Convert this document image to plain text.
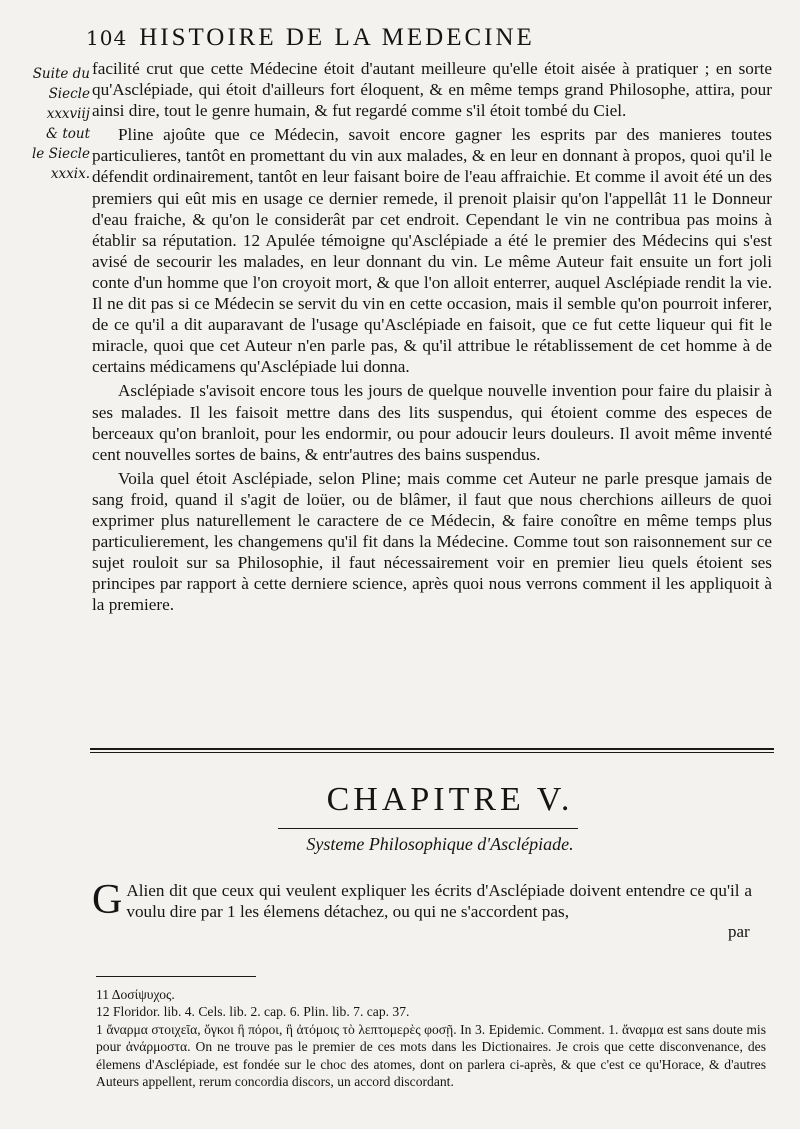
104 HISTOIRE DE LA MEDECINE
Suite du
Siecle
xxxviij
& tout
le Siecle
xxxix.

facilité crut que cette Médecine étoit d'autant meilleure qu'elle étoit aisée à pratiquer ; en sorte qu'Asclépiade, qui étoit d'ailleurs fort éloquent, & en même temps grand Philosophe, attira, pour ainsi dire, tout le genre humain, & fut regardé comme s'il étoit tombé du Ciel.

Pline ajoûte que ce Médecin, savoit encore gagner les esprits par des manieres toutes particulieres, tantôt en promettant du vin aux malades, & en leur en donnant à propos, quoi qu'il le défendit ordinairement, tantôt en leur faisant boire de l'eau affraichie. Et comme il avoit été un des premiers qui eût mis en usage ce dernier remede, il prenoit plaisir qu'on l'appellât 11 le Donneur d'eau fraiche, & qu'on le considerât par cet endroit. Cependant le vin ne contribua pas moins à établir sa réputation. 12 Apulée témoigne qu'Asclépiade a été le premier des Médecins qui s'est avisé de secourir les malades, en leur donnant du vin. Le même Auteur fait ensuite un fort joli conte d'un homme que l'on croyoit mort, & que l'on alloit enterrer, auquel Asclépiade rendit la vie. Il ne dit pas si ce Médecin se servit du vin en cette occasion, mais il semble qu'on pourroit inferer, de ce qu'il a dit auparavant de l'usage qu'Asclépiade en faisoit, que ce fut cette liqueur qui fit le miracle, quoi que cet Auteur n'en parle pas, & qu'il attribue le rétablissement de cet homme à de certains médicamens qu'Asclépiade lui donna.

Asclépiade s'avisoit encore tous les jours de quelque nouvelle invention pour faire du plaisir à ses malades. Il les faisoit mettre dans des lits suspendus, qui étoient comme des especes de berceaux qu'on branloit, pour les endormir, ou pour adoucir leurs douleurs. Il avoit même inventé cent nouvelles sortes de bains, & entr'autres des bains suspendus.

Voila quel étoit Asclépiade, selon Pline; mais comme cet Auteur ne parle presque jamais de sang froid, quand il s'agit de loüer, ou de blâmer, il faut que nous cherchions ailleurs de quoi exprimer plus naturellement le caractere de ce Médecin, & faire conoître en même temps plus particulierement, les changemens qu'il fit dans la Médecine. Comme tout son raisonnement sur ce sujet rouloit sur sa Philosophie, il faut nécessairement voir en premier lieu quels étoient ses principes par rapport à cette derniere science, après quoi nous verrons comment il les appliquoit à la premiere.

CHAPITRE V.
Systeme Philosophique d'Asclépiade.
G Alien dit que ceux qui veulent expliquer les écrits d'Asclépiade doivent entendre ce qu'il a voulu dire par 1 les élemens détachez, ou qui ne s'accordent pas,
par
11 Δοσίψυχος.
12 Floridor. lib. 4. Cels. lib. 2. cap. 6. Plin. lib. 7. cap. 37.
1 ἄναρμα στοιχεῖα, ὄγκοι ἢ πόροι, ἢ ἀτόμοις τὸ λεπτομερὲς φοσῇ. In 3. Epidemic. Comment. 1. ἄναρμα est sans doute mis pour ἀνάρμοστα. On ne trouve pas le premier de ces mots dans les Dictionaires. Je crois que cette disconvenance, des élemens d'Asclépiade, est fondée sur le choc des atomes, dont on parlera ci-après, & que c'est ce qu'Horace, & d'autres Auteurs appellent, rerum concordia discors, un accord discordant.
